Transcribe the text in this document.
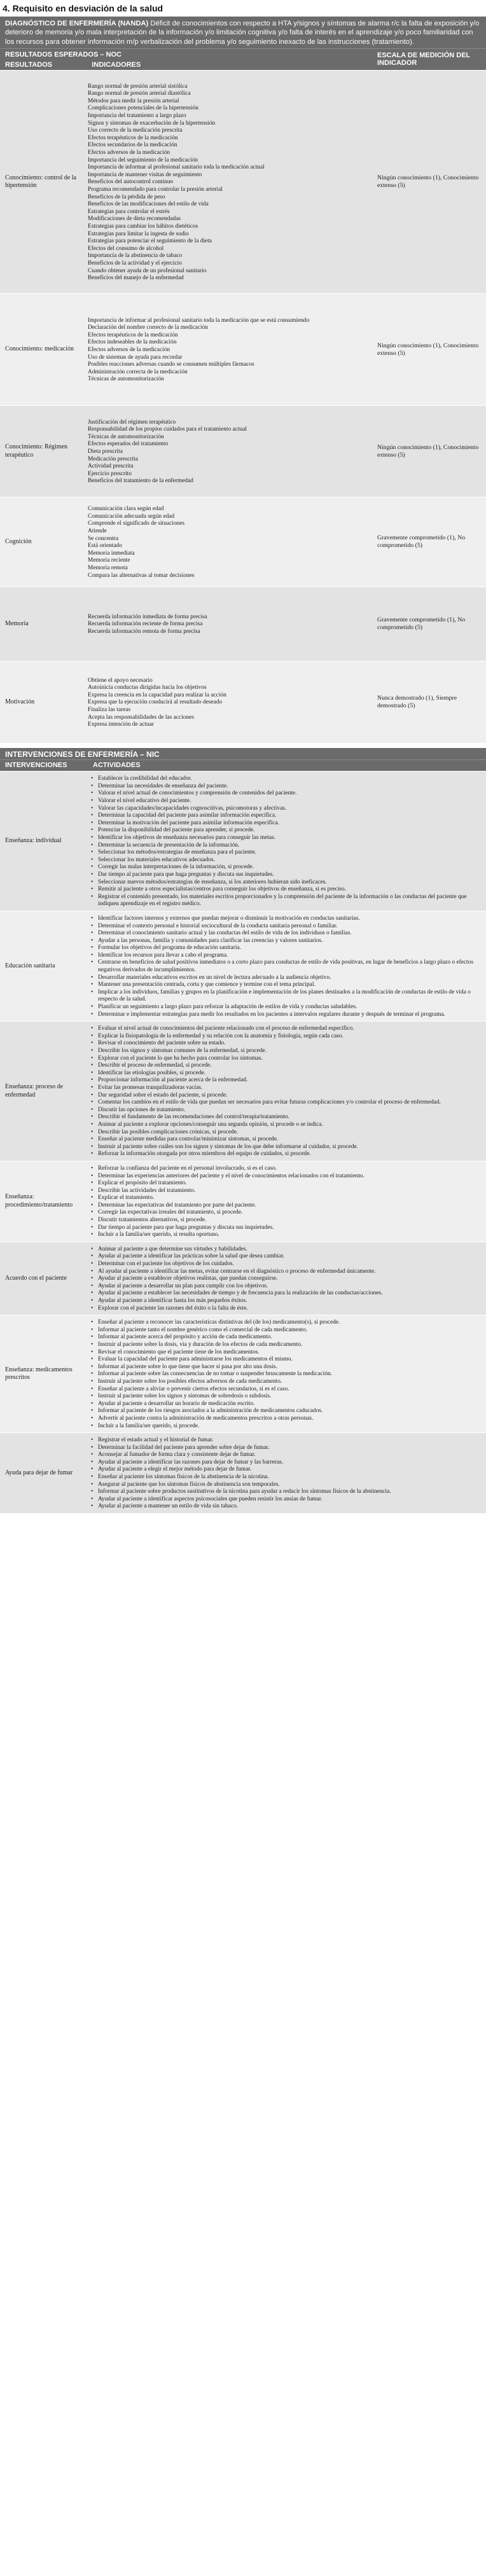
4. Requisito en desviación de la salud
DIAGNÓSTICO DE ENFERMERÍA (NANDA) Déficit de conocimientos con respecto a HTA y/signos y síntomas de alarma r/c la falta de exposición y/o deterioro de memoria y/o mala interpretación de la información y/o limitación cognitiva y/o falta de interés en el aprendizaje y/o poco familiaridad con los recursos para obtener información m/p verbalización del problema y/o seguimiento inexacto de las instrucciones (tratamiento).
RESULTADOS ESPERADOS – NOC
RESULTADOS	INDICADORES
ESCALA DE MEDICIÓN DEL INDICADOR
Conocimiento: control de la hipertensión
Rango normal de presión arterial sistólica
Rango normal de presión arterial diastólica
Métodos para medir la presión arterial
Complicaciones potenciales de la hipertensión
Importancia del tratamiento a largo plazo
Signos y síntomas de exacerbación de la hipertensión
Uso correcto de la medicación prescrita
Efectos terapéuticos de la medicación
Efectos secundarios de la medicación
Efectos adversos de la medicación
Importancia del seguimiento de la medicación
Importancia de informar al profesional sanitario toda la medicación actual
Importancia de mantener visitas de seguimiento
Beneficios del autocontrol continuo
Programa recomendado para controlar la presión arterial
Beneficios de la pérdida de peso
Beneficios de las modificaciones del estilo de vida
Estrategias para controlar el estrés
Modificaciones de dieta recomendadas
Estrategias para cambiar los hábitos dietéticos
Estrategias para limitar la ingesta de sodio
Estrategias para potenciar el seguimiento de la dieta
Efectos del consumo de alcohol
Importancia de la abstinencia de tabaco
Beneficios de la actividad y el ejercicio
Cuando obtener ayuda de un profesional sanitario
Beneficios del manejo de la enfermedad
Ningún conocimiento (1), Conocimiento extenso (5)
Conocimiento: medicación
Importancia de informar al profesional sanitario toda la medicación que se está consumiendo
Declaración del nombre correcto de la medicación
Efectos terapéuticos de la medicación
Efectos indeseables de la medicación
Efectos adversos de la medicación
Uso de sistemas de ayuda para recordar
Posibles reacciones adversas cuando se consumen múltiples fármacos
Administración correcta de la medicación
Técnicas de automonitorización
Ningún conocimiento (1), Conocimiento extenso (5)
Conocimiento: Régimen terapéutico
Justificación del régimen terapéutico
Responsabilidad de los propios cuidados para el tratamiento actual
Técnicas de automonitorización
Efectos esperados del tratamiento
Dieta prescrita
Medicación prescrita
Actividad prescrita
Ejercicio prescrito
Beneficios del tratamiento de la enfermedad
Ningún conocimiento (1), Conocimiento extenso (5)
Cognición
Comunicación clara según edad
Comunicación adecuada según edad
Comprende el significado de situaciones
Atiende
Se concentra
Está orientado
Memoria inmediata
Memoria reciente
Memoria remota
Compara las alternativas al tomar decisiones
Gravemente comprometido (1), No comprometido (5)
Memoria
Recuerda información inmediata de forma precisa
Recuerda información reciente de forma precisa
Recuerda información remota de forma precisa
Gravemente comprometido (1), No comprometido (5)
Motivación
Obtiene el apoyo necesario
Autoinicia conductas dirigidas hacia los objetivos
Expresa la creencia en la capacidad para realizar la acción
Expresa que la ejecución conducirá al resultado deseado
Finaliza las tareas
Acepta las responsabilidades de las acciones
Expresa intención de actuar
Nunca demostrado (1), Siempre demostrado (5)
INTERVENCIONES DE ENFERMERÍA – NIC
INTERVENCIONES	ACTIVIDADES
Enseñanza: individual
• Establecer la credibilidad del educador.
• Determinar las necesidades de enseñanza del paciente.
• Valorar el nivel actual de conocimientos y comprensión de contenidos del paciente.
• Valorar el nivel educativo del paciente.
• Valorar las capacidades/incapacidades cognoscitivas, psicomotoras y afectivas.
• Determinar la capacidad del paciente para asimilar información específica.
• Determinar la motivación del paciente para asimilar información específica.
• Potenciar la disponibilidad del paciente para aprender, si procede.
• Identificar los objetivos de enseñanza necesarios para conseguir las metas.
• Determinar la secuencia de presentación de la información.
• Seleccionar los métodos/estrategias de enseñanza para el paciente.
• Seleccionar los materiales educativos adecuados.
• Corregir las malas interpretaciones de la información, si procede.
• Dar tiempo al paciente para que haga preguntas y discuta sus inquietudes.
• Seleccionar nuevos métodos/estrategias de enseñanza, si los anteriores hubieran sido ineficaces.
• Remitir al paciente a otros especialistas/centros para conseguir los objetivos de enseñanza, si es preciso.
• Registrar el contenido presentado, los materiales escritos proporcionados y la comprensión del paciente de la información o las conductas del paciente que indiquen aprendizaje en el registro médico.
Educación sanitaria
• Identificar factores internos y externos que puedan mejorar o disminuir la motivación en conductas sanitarias.
• Determinar el contexto personal e historial sociocultural de la conducta sanitaria personal o familiar.
• Determinar el conocimiento sanitario actual y las conductas del estilo de vida de los individuos o familias.
• Ayudar a las personas, familia y comunidades para clarificar las creencias y valores sanitarios.
• Formular los objetivos del programa de educación sanitaria.
• Identificar los recursos para llevar a cabo el programa.
• Centrarse en beneficios de salud positivos inmediatos o a corto plazo para conductas de estilo de vida positivas, en lugar de beneficios a largo plazo o efectos negativos derivados de incumplimientos.
• Desarrollar materiales educativos escritos en un nivel de lectura adecuado a la audiencia objetivo.
• Mantener una presentación centrada, corta y que comience y termine con el tema principal.
• Implicar a los individuos, familias y grupos en la planificación e implementación de los planes destinados a la modificación de conductas de estilo de vida o respecto de la salud.
• Planificar un seguimiento a largo plazo para reforzar la adaptación de estilos de vida y conductas saludables.
• Determinar e implementar estrategias para medir los resultados en los pacientes a intervalos regulares durante y después de terminar el programa.
Enseñanza: proceso de enfermedad
• Evaluar el nivel actual de conocimientos del paciente relacionado con el proceso de enfermedad específico.
• Explicar la fisiopatología de la enfermedad y su relación con la anatomía y fisiología, según cada caso.
• Revisar el conocimiento del paciente sobre su estado.
• Describir los signos y síntomas comunes de la enfermedad, si procede.
• Explorar con el paciente lo que ha hecho para controlar los síntomas.
• Describir el proceso de enfermedad, si procede.
• Identificar las etiologías posibles, si procede.
• Proporcionar información al paciente acerca de la enfermedad.
• Evitar las promesas tranquilizadoras vacías.
• Dar seguridad sobre el estado del paciente, si procede.
• Comentar los cambios en el estilo de vida que puedan ser necesarios para evitar futuras complicaciones y/o controlar el proceso de enfermedad.
• Discutir las opciones de tratamiento.
• Describir el fundamento de las recomendaciones del control/terapia/tratamiento.
• Animar al paciente a explorar opciones/conseguir una segunda opinión, si procede o se indica.
• Describir las posibles complicaciones crónicas, si procede.
• Enseñar al paciente medidas para controlar/minimizar síntomas, si procede.
• Instruir al paciente sobre cuáles son los signos y síntomas de los que debe informarse al cuidador, si procede.
• Reforzar la información otorgada por otros miembros del equipo de cuidados, si procede.
Enseñanza: procedimiento/tratamiento
• Reforzar la confianza del paciente en el personal involucrado, si es el caso.
• Determinar las experiencias anteriores del paciente y el nivel de conocimientos relacionados con el tratamiento.
• Explicar el propósito del tratamiento.
• Describir las actividades del tratamiento.
• Explicar el tratamiento.
• Determinar las expectativas del tratamiento por parte del paciente.
• Corregir las expectativas irreales del tratamiento, si procede.
• Discutir tratamientos alternativos, si procede.
• Dar tiempo al paciente para que haga preguntas y discuta sus inquietudes.
• Incluir a la familia/ser querido, si resulta oportuno.
Acuerdo con el paciente
• Animar al paciente a que determine sus virtudes y habilidades.
• Ayudar al paciente a identificar las prácticas sobre la salud que desea cambiar.
• Determinar con el paciente los objetivos de los cuidados.
• Al ayudar al paciente a identificar las metas, evitar centrarse en el diagnóstico o proceso de enfermedad únicamente.
• Ayudar al paciente a establecer objetivos realistas, que puedan conseguirse.
• Ayudar al paciente a desarrollar un plan para cumplir con los objetivos.
• Ayudar al paciente a establecer las necesidades de tiempo y de frecuencia para la realización de las conductas/acciones.
• Ayudar al paciente a identificar hasta los más pequeños éxitos.
• Explorar con el paciente las razones del éxito o la falta de éste.
Enseñanza: medicamentos prescritos
• Enseñar al paciente a reconocer las características distintivas del (de los) medicamento(s), si procede.
• Informar al paciente tanto el nombre genérico como el comercial de cada medicamento.
• Informar al paciente acerca del propósito y acción de cada medicamento.
• Instruir al paciente sobre la dosis, vía y duración de los efectos de cada medicamento.
• Revisar el conocimiento que el paciente tiene de los medicamentos.
• Evaluar la capacidad del paciente para administrarse los medicamentos él mismo.
• Informar al paciente sobre lo que tiene que hacer si pasa por alto una dosis.
• Informar al paciente sobre las consecuencias de no tomar o suspender bruscamente la medicación.
• Instruir al paciente sobre los posibles efectos adversos de cada medicamento.
• Enseñar al paciente a aliviar o prevenir ciertos efectos secundarios, si es el caso.
• Instruir al paciente sobre los signos y síntomas de sobredosis o subdosis.
• Ayudar al paciente a desarrollar un horario de medicación escrito.
• Informar al paciente de los riesgos asociados a la administración de medicamentos caducados.
• Advertir al paciente contra la administración de medicamentos prescritos a otras personas.
• Incluir a la familia/ser querido, si procede.
Ayuda para dejar de fumar
• Registrar el estado actual y el historial de fumar.
• Determinar la facilidad del paciente para aprender sobre dejar de fumar.
• Aconsejar al fumador de forma clara y consistente dejar de fumar.
• Ayudar al paciente a identificar las razones para dejar de fumar y las barreras.
• Ayudar al paciente a elegir el mejor método para dejar de fumar.
• Enseñar al paciente los síntomas físicos de la abstinencia de la nicotina.
• Asegurar al paciente que los síntomas físicos de abstinencia son temporales.
• Informar al paciente sobre productos sustitutivos de la nicotina para ayudar a reducir los síntomas físicos de la abstinencia.
• Ayudar al paciente a identificar aspectos psicosociales que pueden resistir los ansias de fumar.
• Ayudar al paciente a mantener un estilo de vida sin tabaco.
